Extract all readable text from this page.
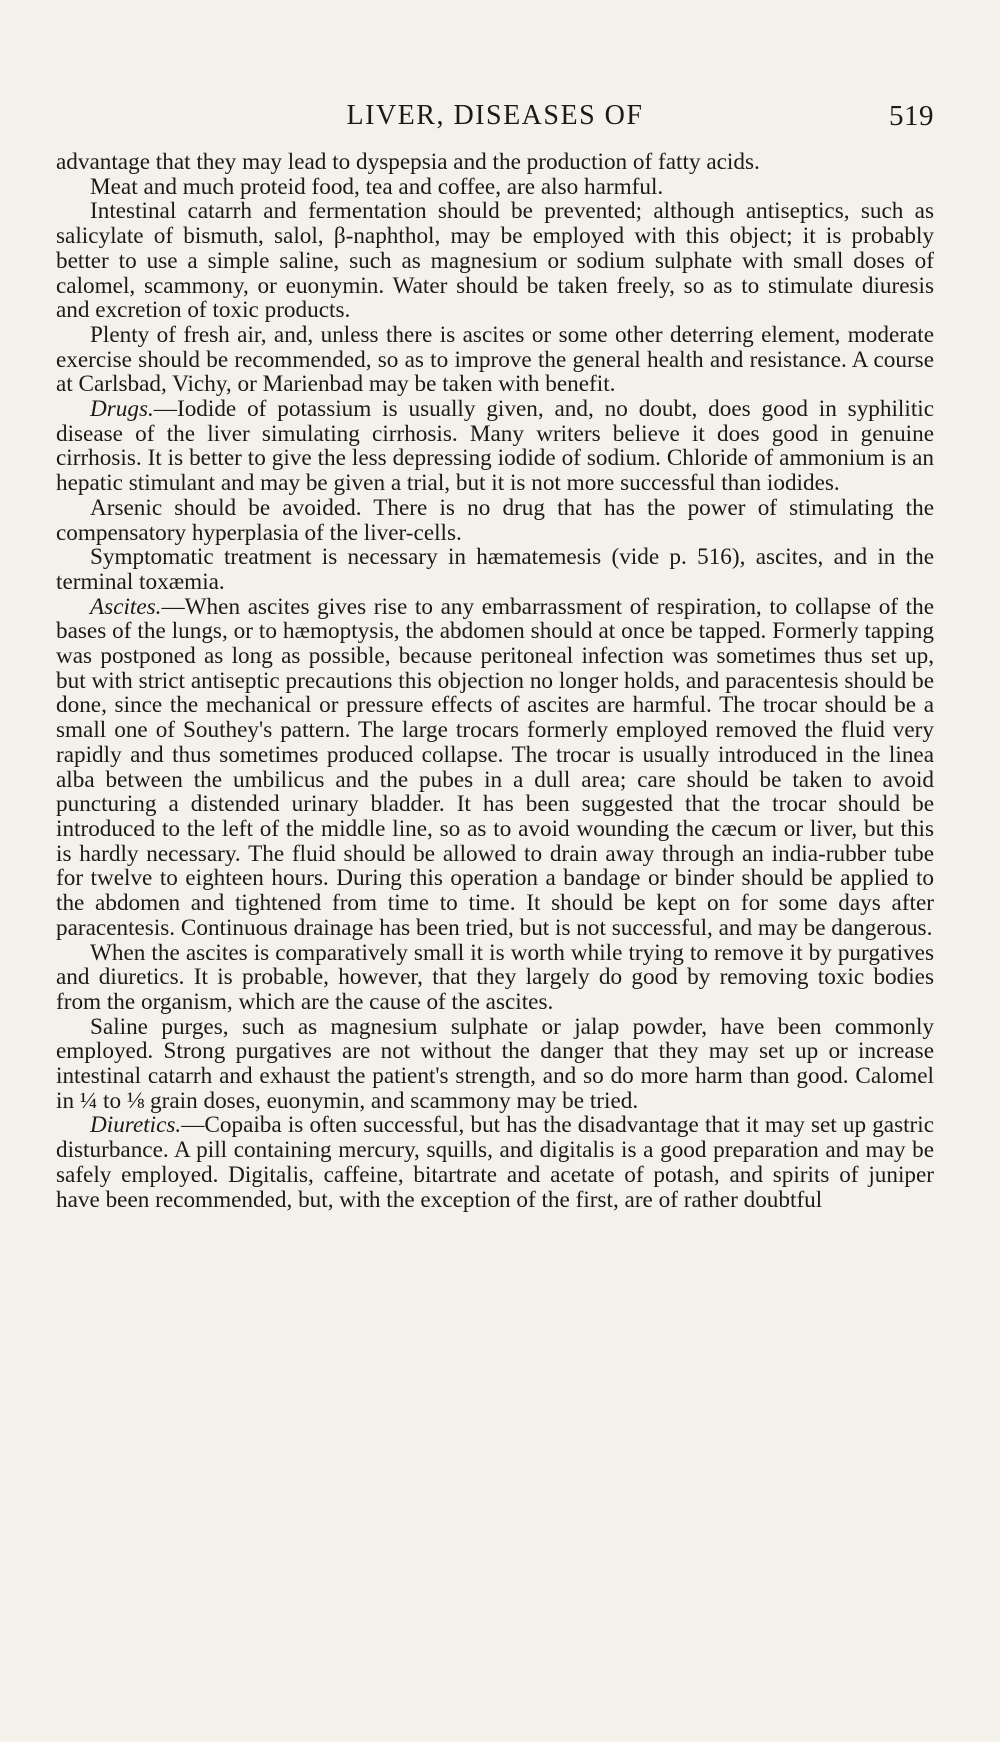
LIVER, DISEASES OF	519

advantage that they may lead to dyspepsia and the production of fatty acids.

Meat and much proteid food, tea and coffee, are also harmful.

Intestinal catarrh and fermentation should be prevented; although antiseptics, such as salicylate of bismuth, salol, β-naphthol, may be employed with this object; it is probably better to use a simple saline, such as magnesium or sodium sulphate with small doses of calomel, scammony, or euonymin. Water should be taken freely, so as to stimulate diuresis and excretion of toxic products.

Plenty of fresh air, and, unless there is ascites or some other deterring element, moderate exercise should be recommended, so as to improve the general health and resistance. A course at Carlsbad, Vichy, or Marienbad may be taken with benefit.

Drugs.—Iodide of potassium is usually given, and, no doubt, does good in syphilitic disease of the liver simulating cirrhosis. Many writers believe it does good in genuine cirrhosis. It is better to give the less depressing iodide of sodium. Chloride of ammonium is an hepatic stimulant and may be given a trial, but it is not more successful than iodides.

Arsenic should be avoided. There is no drug that has the power of stimulating the compensatory hyperplasia of the liver-cells.

Symptomatic treatment is necessary in hæmatemesis (vide p. 516), ascites, and in the terminal toxæmia.

Ascites.—When ascites gives rise to any embarrassment of respiration, to collapse of the bases of the lungs, or to hæmoptysis, the abdomen should at once be tapped. Formerly tapping was postponed as long as possible, because peritoneal infection was sometimes thus set up, but with strict antiseptic precautions this objection no longer holds, and paracentesis should be done, since the mechanical or pressure effects of ascites are harmful. The trocar should be a small one of Southey's pattern. The large trocars formerly employed removed the fluid very rapidly and thus sometimes produced collapse. The trocar is usually introduced in the linea alba between the umbilicus and the pubes in a dull area; care should be taken to avoid puncturing a distended urinary bladder. It has been suggested that the trocar should be introduced to the left of the middle line, so as to avoid wounding the cæcum or liver, but this is hardly necessary. The fluid should be allowed to drain away through an india-rubber tube for twelve to eighteen hours. During this operation a bandage or binder should be applied to the abdomen and tightened from time to time. It should be kept on for some days after paracentesis. Continuous drainage has been tried, but is not successful, and may be dangerous.

When the ascites is comparatively small it is worth while trying to remove it by purgatives and diuretics. It is probable, however, that they largely do good by removing toxic bodies from the organism, which are the cause of the ascites.

Saline purges, such as magnesium sulphate or jalap powder, have been commonly employed. Strong purgatives are not without the danger that they may set up or increase intestinal catarrh and exhaust the patient's strength, and so do more harm than good. Calomel in ¼ to ⅛ grain doses, euonymin, and scammony may be tried.

Diuretics.—Copaiba is often successful, but has the disadvantage that it may set up gastric disturbance. A pill containing mercury, squills, and digitalis is a good preparation and may be safely employed. Digitalis, caffeine, bitartrate and acetate of potash, and spirits of juniper have been recommended, but, with the exception of the first, are of rather doubtful
